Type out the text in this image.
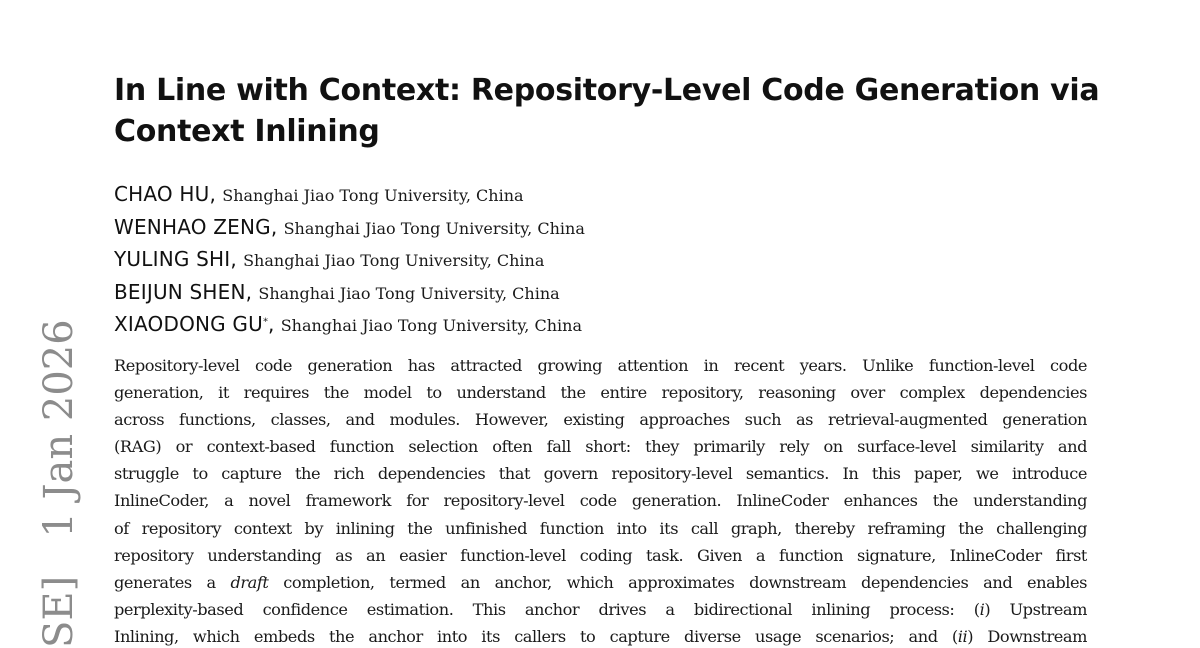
In Line with Context: Repository-Level Code Generation via
Context Inlining
CHAO HU, Shanghai Jiao Tong University, China
WENHAO ZENG, Shanghai Jiao Tong University, China
YULING SHI, Shanghai Jiao Tong University, China
BEIJUN SHEN, Shanghai Jiao Tong University, China
XIAODONG GU*, Shanghai Jiao Tong University, China
Repository-level code generation has attracted growing attention in recent years. Unlike function-level code
generation, it requires the model to understand the entire repository, reasoning over complex dependencies
across functions, classes, and modules. However, existing approaches such as retrieval-augmented generation
(RAG) or context-based function selection often fall short: they primarily rely on surface-level similarity and
struggle to capture the rich dependencies that govern repository-level semantics. In this paper, we introduce
InlineCoder, a novel framework for repository-level code generation. InlineCoder enhances the understanding
of repository context by inlining the unfinished function into its call graph, thereby reframing the challenging
repository understanding as an easier function-level coding task. Given a function signature, InlineCoder first
generates a draft completion, termed an anchor, which approximates downstream dependencies and enables
perplexity-based confidence estimation. This anchor drives a bidirectional inlining process: (i) Upstream
Inlining, which embeds the anchor into its callers to capture diverse usage scenarios; and (ii) Downstream
SE]   1 Jan 2026
